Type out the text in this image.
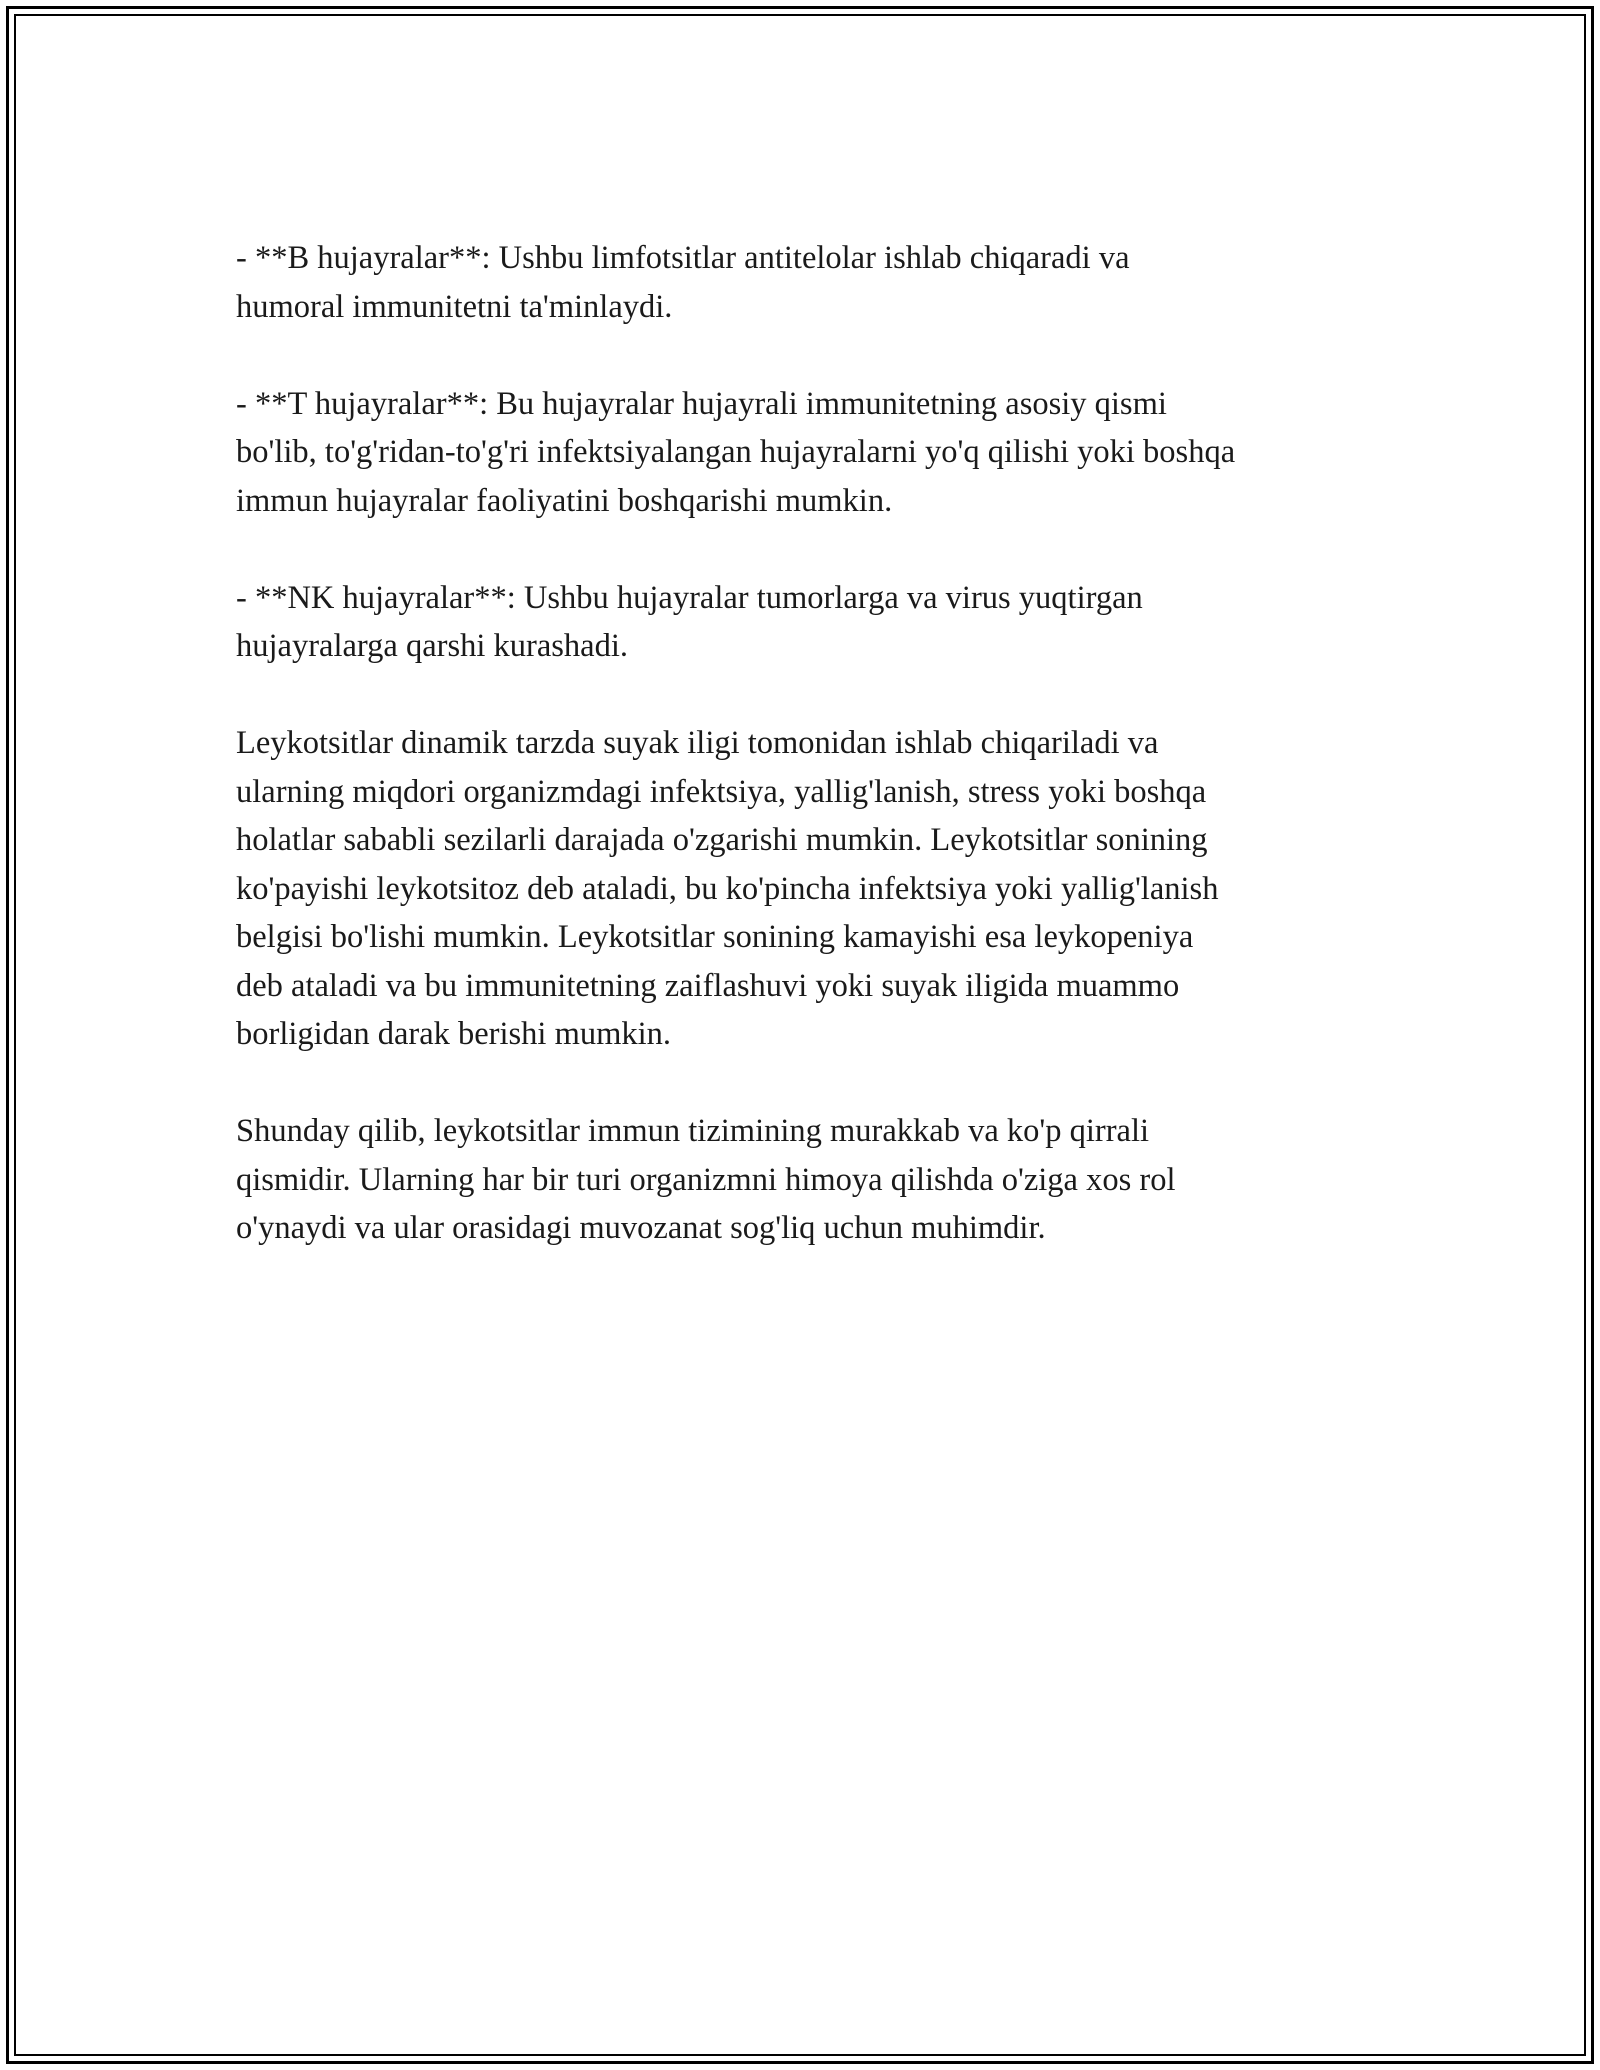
- **B hujayralar**: Ushbu limfotsitlar antitelolar ishlab chiqaradi va
humoral immunitetni ta'minlaydi.

- **T hujayralar**: Bu hujayralar hujayrali immunitetning asosiy qismi
bo'lib, to'g'ridan-to'g'ri infektsiyalangan hujayralarni yo'q qilishi yoki boshqa
immun hujayralar faoliyatini boshqarishi mumkin.

- **NK hujayralar**: Ushbu hujayralar tumorlarga va virus yuqtirgan
hujayralarga qarshi kurashadi.

Leykotsitlar dinamik tarzda suyak iligi tomonidan ishlab chiqariladi va
ularning miqdori organizmdagi infektsiya, yallig'lanish, stress yoki boshqa
holatlar sababli sezilarli darajada o'zgarishi mumkin. Leykotsitlar sonining
ko'payishi leykotsitoz deb ataladi, bu ko'pincha infektsiya yoki yallig'lanish
belgisi bo'lishi mumkin. Leykotsitlar sonining kamayishi esa leykopeniya
deb ataladi va bu immunitetning zaiflashuvi yoki suyak iligida muammo
borligidan darak berishi mumkin.

Shunday qilib, leykotsitlar immun tizimining murakkab va ko'p qirrali
qismidir. Ularning har bir turi organizmni himoya qilishda o'ziga xos rol
o'ynaydi va ular orasidagi muvozanat sog'liq uchun muhimdir.
